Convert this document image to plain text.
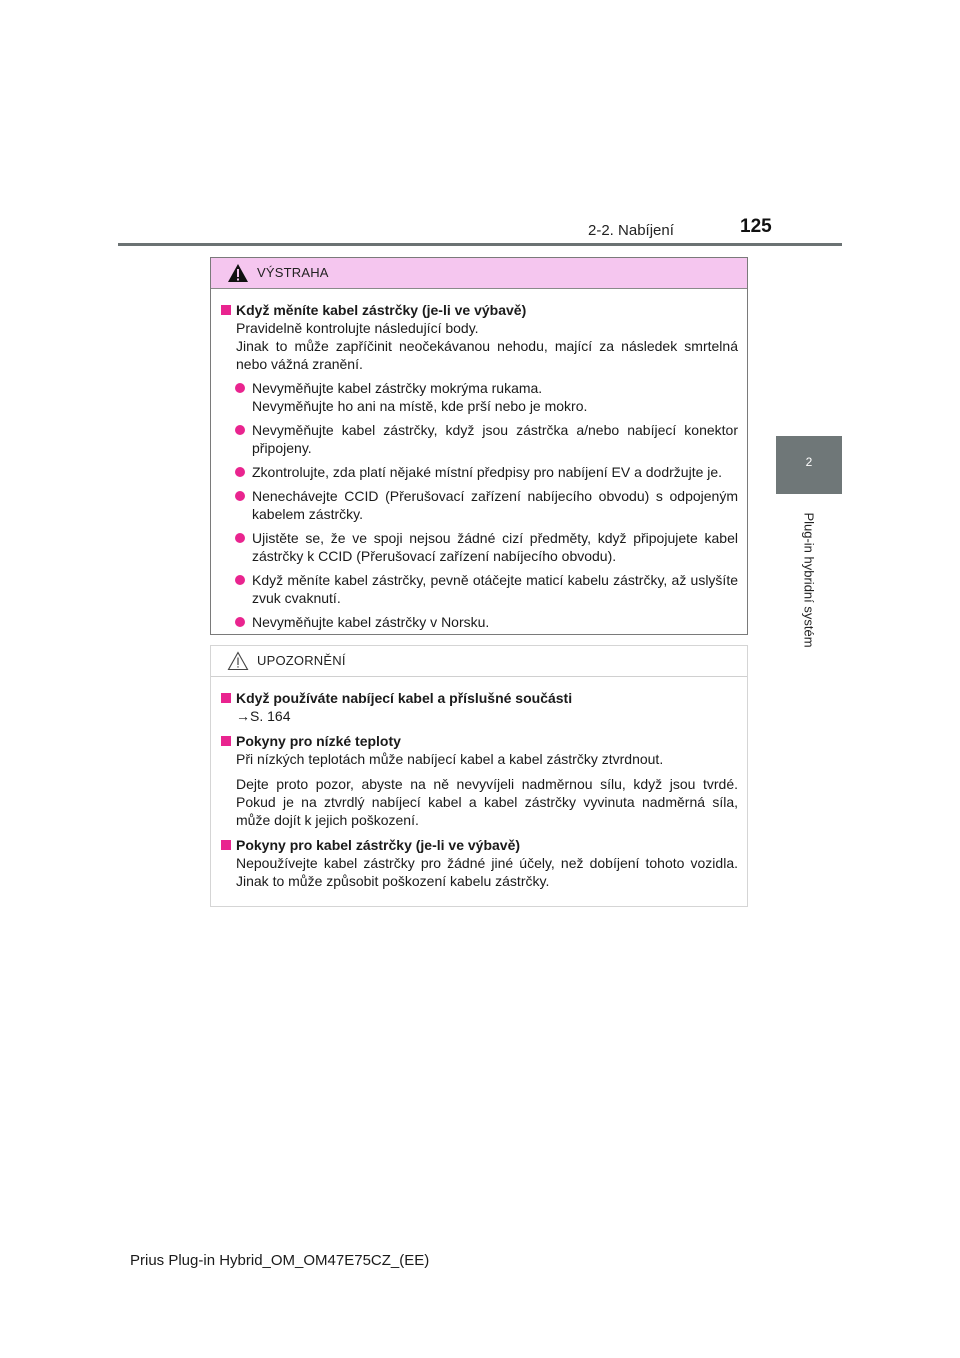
2-2. Nabíjení	125
2
Plug-in hybridní systém
VÝSTRAHA
Když měníte kabel zástrčky (je-li ve výbavě)
Pravidelně kontrolujte následující body.
Jinak to může zapříčinit neočekávanou nehodu, mající za následek smrtelná nebo vážná zranění.
Nevyměňujte kabel zástrčky mokrýma rukama.
Nevyměňujte ho ani na místě, kde prší nebo je mokro.
Nevyměňujte kabel zástrčky, když jsou zástrčka a/nebo nabíjecí konektor připojeny.
Zkontrolujte, zda platí nějaké místní předpisy pro nabíjení EV a dodržujte je.
Nenechávejte CCID (Přerušovací zařízení nabíjecího obvodu) s odpojeným kabelem zástrčky.
Ujistěte se, že ve spoji nejsou žádné cizí předměty, když připojujete kabel zástrčky k CCID (Přerušovací zařízení nabíjecího obvodu).
Když měníte kabel zástrčky, pevně otáčejte maticí kabelu zástrčky, až uslyšíte zvuk cvaknutí.
Nevyměňujte kabel zástrčky v Norsku.
UPOZORNĚNÍ
Když používáte nabíjecí kabel a příslušné součásti
→S. 164
Pokyny pro nízké teploty
Při nízkých teplotách může nabíjecí kabel a kabel zástrčky ztvrdnout.
Dejte proto pozor, abyste na ně nevyvíjeli nadměrnou sílu, když jsou tvrdé. Pokud je na ztvrdlý nabíjecí kabel a kabel zástrčky vyvinuta nadměrná síla, může dojít k jejich poškození.
Pokyny pro kabel zástrčky (je-li ve výbavě)
Nepoužívejte kabel zástrčky pro žádné jiné účely, než dobíjení tohoto vozidla. Jinak to může způsobit poškození kabelu zástrčky.
Prius Plug-in Hybrid_OM_OM47E75CZ_(EE)
